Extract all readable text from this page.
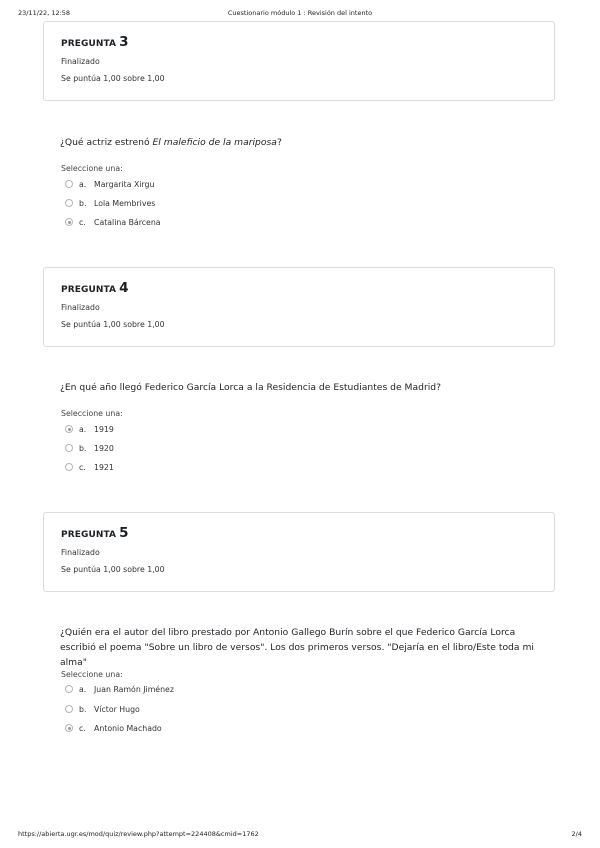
23/11/22, 12:58	Cuestionario módulo 1 : Revisión del intento
PREGUNTA 3
Finalizado
Se puntúa 1,00 sobre 1,00
¿Qué actriz estrenó El maleficio de la mariposa?
Seleccione una:
a. Margarita Xirgu
b. Lola Membrives
c.	Catalina Bárcena
PREGUNTA 4
Finalizado
Se puntúa 1,00 sobre 1,00
¿En qué año llegó Federico García Lorca a la Residencia de Estudiantes de Madrid?
Seleccione una:
a. 1919
b. 1920
c.	1921
PREGUNTA 5
Finalizado
Se puntúa 1,00 sobre 1,00
¿Quién era el autor del libro prestado por Antonio Gallego Burín sobre el que Federico García Lorca escribió el poema "Sobre un libro de versos". Los dos primeros versos. "Dejaría en el libro/Este toda mi alma"
Seleccione una:
a. Juan Ramón Jiménez
b. Víctor Hugo
c.	Antonio Machado
https://abierta.ugr.es/mod/quiz/review.php?attempt=224408&cmid=1762	2/4
